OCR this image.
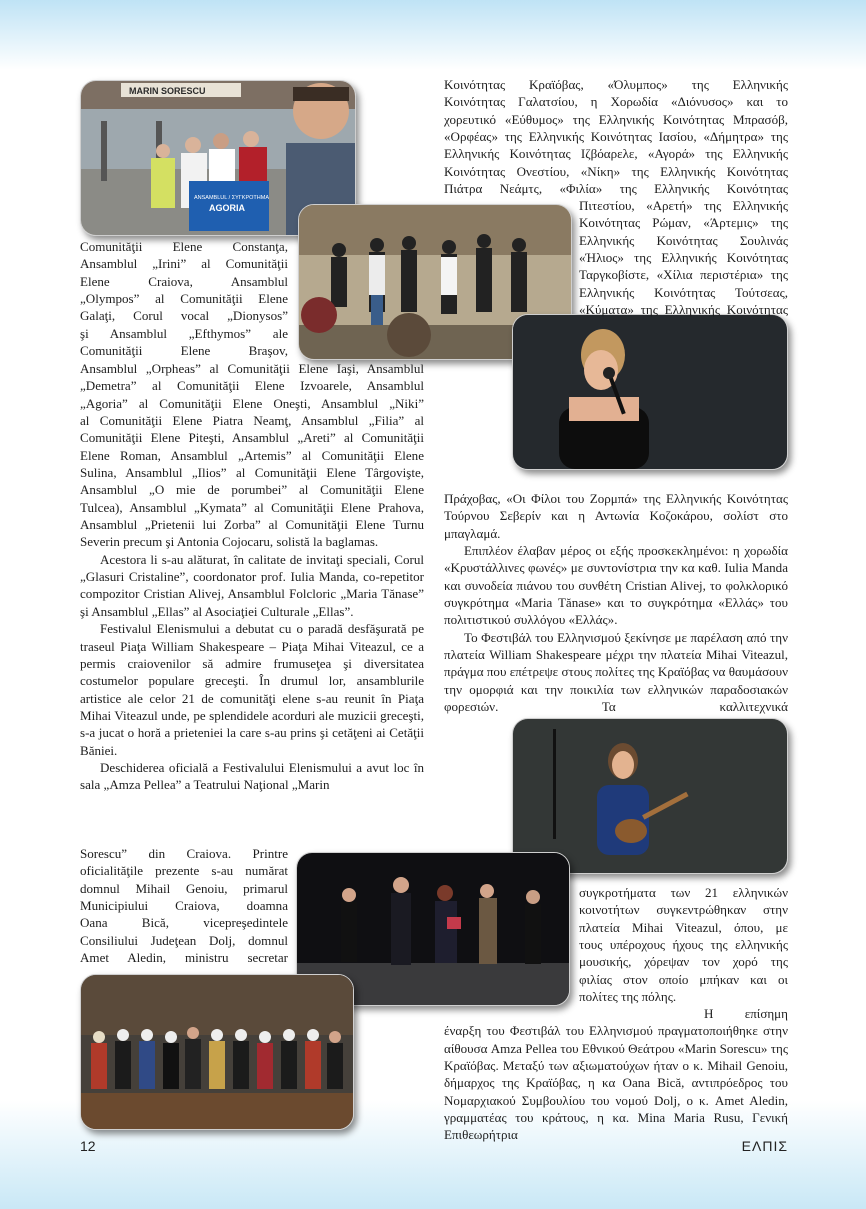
MARIN SORESCU
ANSAMBLUL / ΣΥΓΚΡΟΤΗΜΑ
AGORIA

Comunităţii Elene Constanţa,

Ansamblul „Irini” al Comunităţii

Elene Craiova, Ansamblul

„Olympos” al Comunităţii Elene

Galaţi, Corul vocal „Dionysos”

şi Ansamblul „Efthymos” ale

Comunităţii Elene Braşov,

Ansamblul „Orpheas” al Comunităţii Elene Iaşi, Ansamblul

„Demetra” al Comunităţii Elene Izvoarele, Ansamblul

„Agoria” al Comunităţii Elene Oneşti, Ansamblul „Niki”

al Comunităţii Elene Piatra Neamţ, Ansamblul „Filia” al

Comunităţii Elene Piteşti, Ansamblul „Areti” al Comunităţii

Elene Roman, Ansamblul „Artemis” al Comunităţii Elene

Sulina, Ansamblul „Ilios” al Comunităţii Elene Târgovişte,

Ansamblul „O mie de porumbei” al Comunităţii Elene

Tulcea), Ansamblul „Kymata” al Comunităţii Elene Prahova,

Ansamblul „Prietenii lui Zorba” al Comunităţii Elene Turnu

Severin precum şi Antonia Cojocaru, solistă la baglamas.

Acestora li s-au alăturat, în calitate de invitaţi speciali, Corul „Glasuri Cristaline”, coordonator prof. Iulia Manda, co-repetitor compozitor Cristian Alivej, Ansamblul Folcloric „Maria Tănase” şi Ansamblul „Ellas” al Asociaţiei Culturale „Ellas”.

Festivalul Elenismului a debutat cu o paradă desfăşurată pe traseul Piaţa William Shakespeare – Piaţa Mihai Viteazul, ce a permis craiovenilor să admire frumuseţea şi diversitatea costumelor populare greceşti. În drumul lor, ansamblurile artistice ale celor 21 de comunităţi elene s-au reunit în Piaţa Mihai Viteazul unde, pe splendidele acorduri ale muzicii greceşti, s-a jucat o horă a prieteniei la care s-au prins şi cetăţeni ai Cetăţii Băniei.

Deschiderea oficială a Festivalului Elenismului a avut loc în sala „Amza Pellea” a Teatrului Naţional „Marin

Sorescu” din Craiova. Printre

oficialităţile prezente s-au numărat

domnul Mihail Genoiu, primarul

Municipiului Craiova, doamna

Oana Bică, vicepreşedintele

Consiliului Judeţean Dolj, domnul

Amet Aledin, ministru secretar

Κοινότητας Κραϊόβας, «Όλυμπος» της Ελληνικής

Κοινότητας Γαλατσίου, η Χορωδία «Διόνυσος» και το

χορευτικό «Εύθυμος» της Ελληνικής Κοινότητας Μπρασόβ,

«Ορφέας» της Ελληνικής Κοινότητας Ιασίου, «Δήμητρα» της

Ελληνικής Κοινότητας Ιζβόαρελε, «Αγορά» της Ελληνικής

Κοινότητας Ονεστίου, «Νίκη» της Ελληνικής Κοινότητας

Πιάτρα Νεάμτς, «Φιλία» της Ελληνικής Κοινότητας

Πιτεστίου, «Αρετή» της Ελληνικής

Κοινότητας Ρώμαν, «Άρτεμις» της

Ελληνικής Κοινότητας Σουλινάς

«Ήλιος» της Ελληνικής Κοινότητας

Ταργκοβίστε, «Χίλια περιστέρια» της

Ελληνικής Κοινότητας Τούτσεας,

«Κύματα» της Ελληνικής Κοινότητας

Πράχοβας, «Οι Φίλοι του Ζορμπά» της Ελληνικής Κοινότητας

Τούρνου Σεβερίν και η Αντωνία Κοζοκάρου, σολίστ στο

μπαγλαμά.

Επιπλέον έλαβαν μέρος οι εξής προσκεκλημένοι: η χορωδία «Κρυστάλλινες φωνές» με συντονίστρια την κα καθ. Iulia Manda και συνοδεία πιάνου του συνθέτη Cristian Alivej, το φολκλορικό συγκρότημα «Maria Tănase» και το συγκρότημα «Ελλάς» του πολιτιστικού συλλόγου «Ελλάς».

Το Φεστιβάλ του Ελληνισμού ξεκίνησε με παρέλαση από την πλατεία William Shakespeare μέχρι την πλατεία Mihai Viteazul, πράγμα που επέτρεψε στους πολίτες της Κραϊόβας να θαυμάσουν την ομορφιά και την ποικιλία των ελληνικών παραδοσιακών φορεσιών. Τα καλλιτεχνικά

συγκροτήματα των 21 ελληνικών

κοινοτήτων συγκεντρώθηκαν στην

πλατεία Mihai Viteazul, όπου, με

τους υπέροχους ήχους της ελληνικής

μουσικής, χόρεψαν τον χορό της

φιλίας στον οποίο μπήκαν και οι

πολίτες της πόλης.

Η επίσημη έναρξη του Φεστιβάλ του Ελληνισμού πραγματοποιήθηκε στην αίθουσα Amza Pellea του Εθνικού Θεάτρου «Marin Sorescu» της Κραϊόβας. Μεταξύ των αξιωματούχων ήταν ο κ. Mihail Genoiu, δήμαρχος της Κραϊόβας, η κα Oana Bică, αντιπρόεδρος του Νομαρχιακού Συμβουλίου του νομού Dolj, ο κ. Amet Aledin, γραμματέας του κράτους, η κα. Mina Maria Rusu, Γενική Επιθεωρήτρια

12	ΕΛΠΙΣ
